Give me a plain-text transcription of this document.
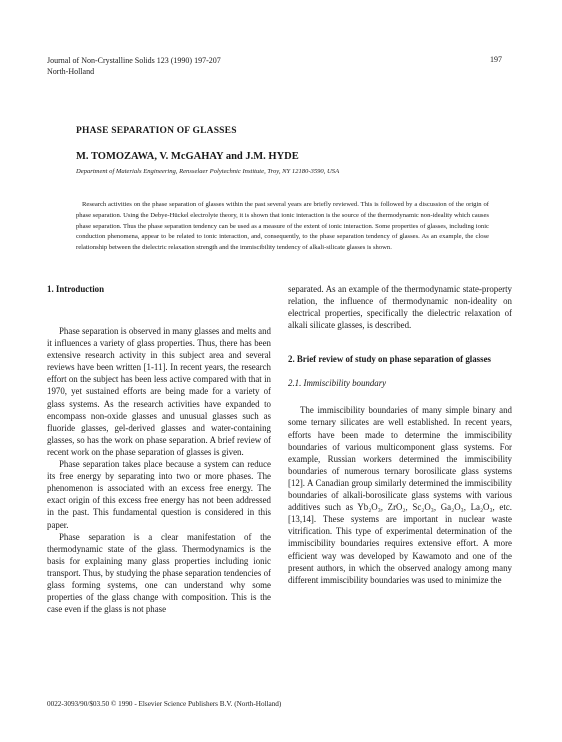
Journal of Non-Crystalline Solids 123 (1990) 197-207
North-Holland
197
PHASE SEPARATION OF GLASSES
M. TOMOZAWA, V. McGAHAY and J.M. HYDE
Department of Materials Engineering, Rensselaer Polytechnic Institute, Troy, NY 12180-3590, USA
Research activities on the phase separation of glasses within the past several years are briefly reviewed. This is followed by a discussion of the origin of phase separation. Using the Debye-Hückel electrolyte theory, it is shown that ionic interaction is the source of the thermodynamic non-ideality which causes phase separation. Thus the phase separation tendency can be used as a measure of the extent of ionic interaction. Some properties of glasses, including ionic conduction phenomena, appear to be related to ionic interaction, and, consequently, to the phase separation tendency of glasses. As an example, the close relationship between the dielectric relaxation strength and the immiscibility tendency of alkali-silicate glasses is shown.
1. Introduction

Phase separation is observed in many glasses and melts and it influences a variety of glass properties. Thus, there has been extensive research activity in this subject area and several reviews have been written [1-11]. In recent years, the research effort on the subject has been less active compared with that in 1970, yet sustained efforts are being made for a variety of glass systems. As the research activities have expanded to encompass non-oxide glasses and unusual glasses such as fluoride glasses, gel-derived glasses and water-containing glasses, so has the work on phase separation. A brief review of recent work on the phase separation of glasses is given.

Phase separation takes place because a system can reduce its free energy by separating into two or more phases. The phenomenon is associated with an excess free energy. The exact origin of this excess free energy has not been addressed in the past. This fundamental question is considered in this paper.

Phase separation is a clear manifestation of the thermodynamic state of the glass. Thermodynamics is the basis for explaining many glass properties including ionic transport. Thus, by studying the phase separation tendencies of glass forming systems, one can understand why some properties of the glass change with composition. This is the case even if the glass is not phase

separated. As an example of the thermodynamic state-property relation, the influence of thermodynamic non-ideality on electrical properties, specifically the dielectric relaxation of alkali silicate glasses, is described.

2. Brief review of study on phase separation of glasses
2.1. Immiscibility boundary

The immiscibility boundaries of many simple binary and some ternary silicates are well established. In recent years, efforts have been made to determine the immiscibility boundaries of various multicomponent glass systems. For example, Russian workers determined the immiscibility boundaries of numerous ternary borosilicate glass systems [12]. A Canadian group similarly determined the immiscibility boundaries of alkali-borosilicate glass systems with various additives such as Yb₂O₃, ZrO₂, Sc₂O₃, Ga₂O₃, La₂O₃, etc. [13,14]. These systems are important in nuclear waste vitrification. This type of experimental determination of the immiscibility boundaries requires extensive effort. A more efficient way was developed by Kawamoto and one of the present authors, in which the observed analogy among many different immiscibility boundaries was used to minimize the

0022-3093/90/$03.50 © 1990 - Elsevier Science Publishers B.V. (North-Holland)
